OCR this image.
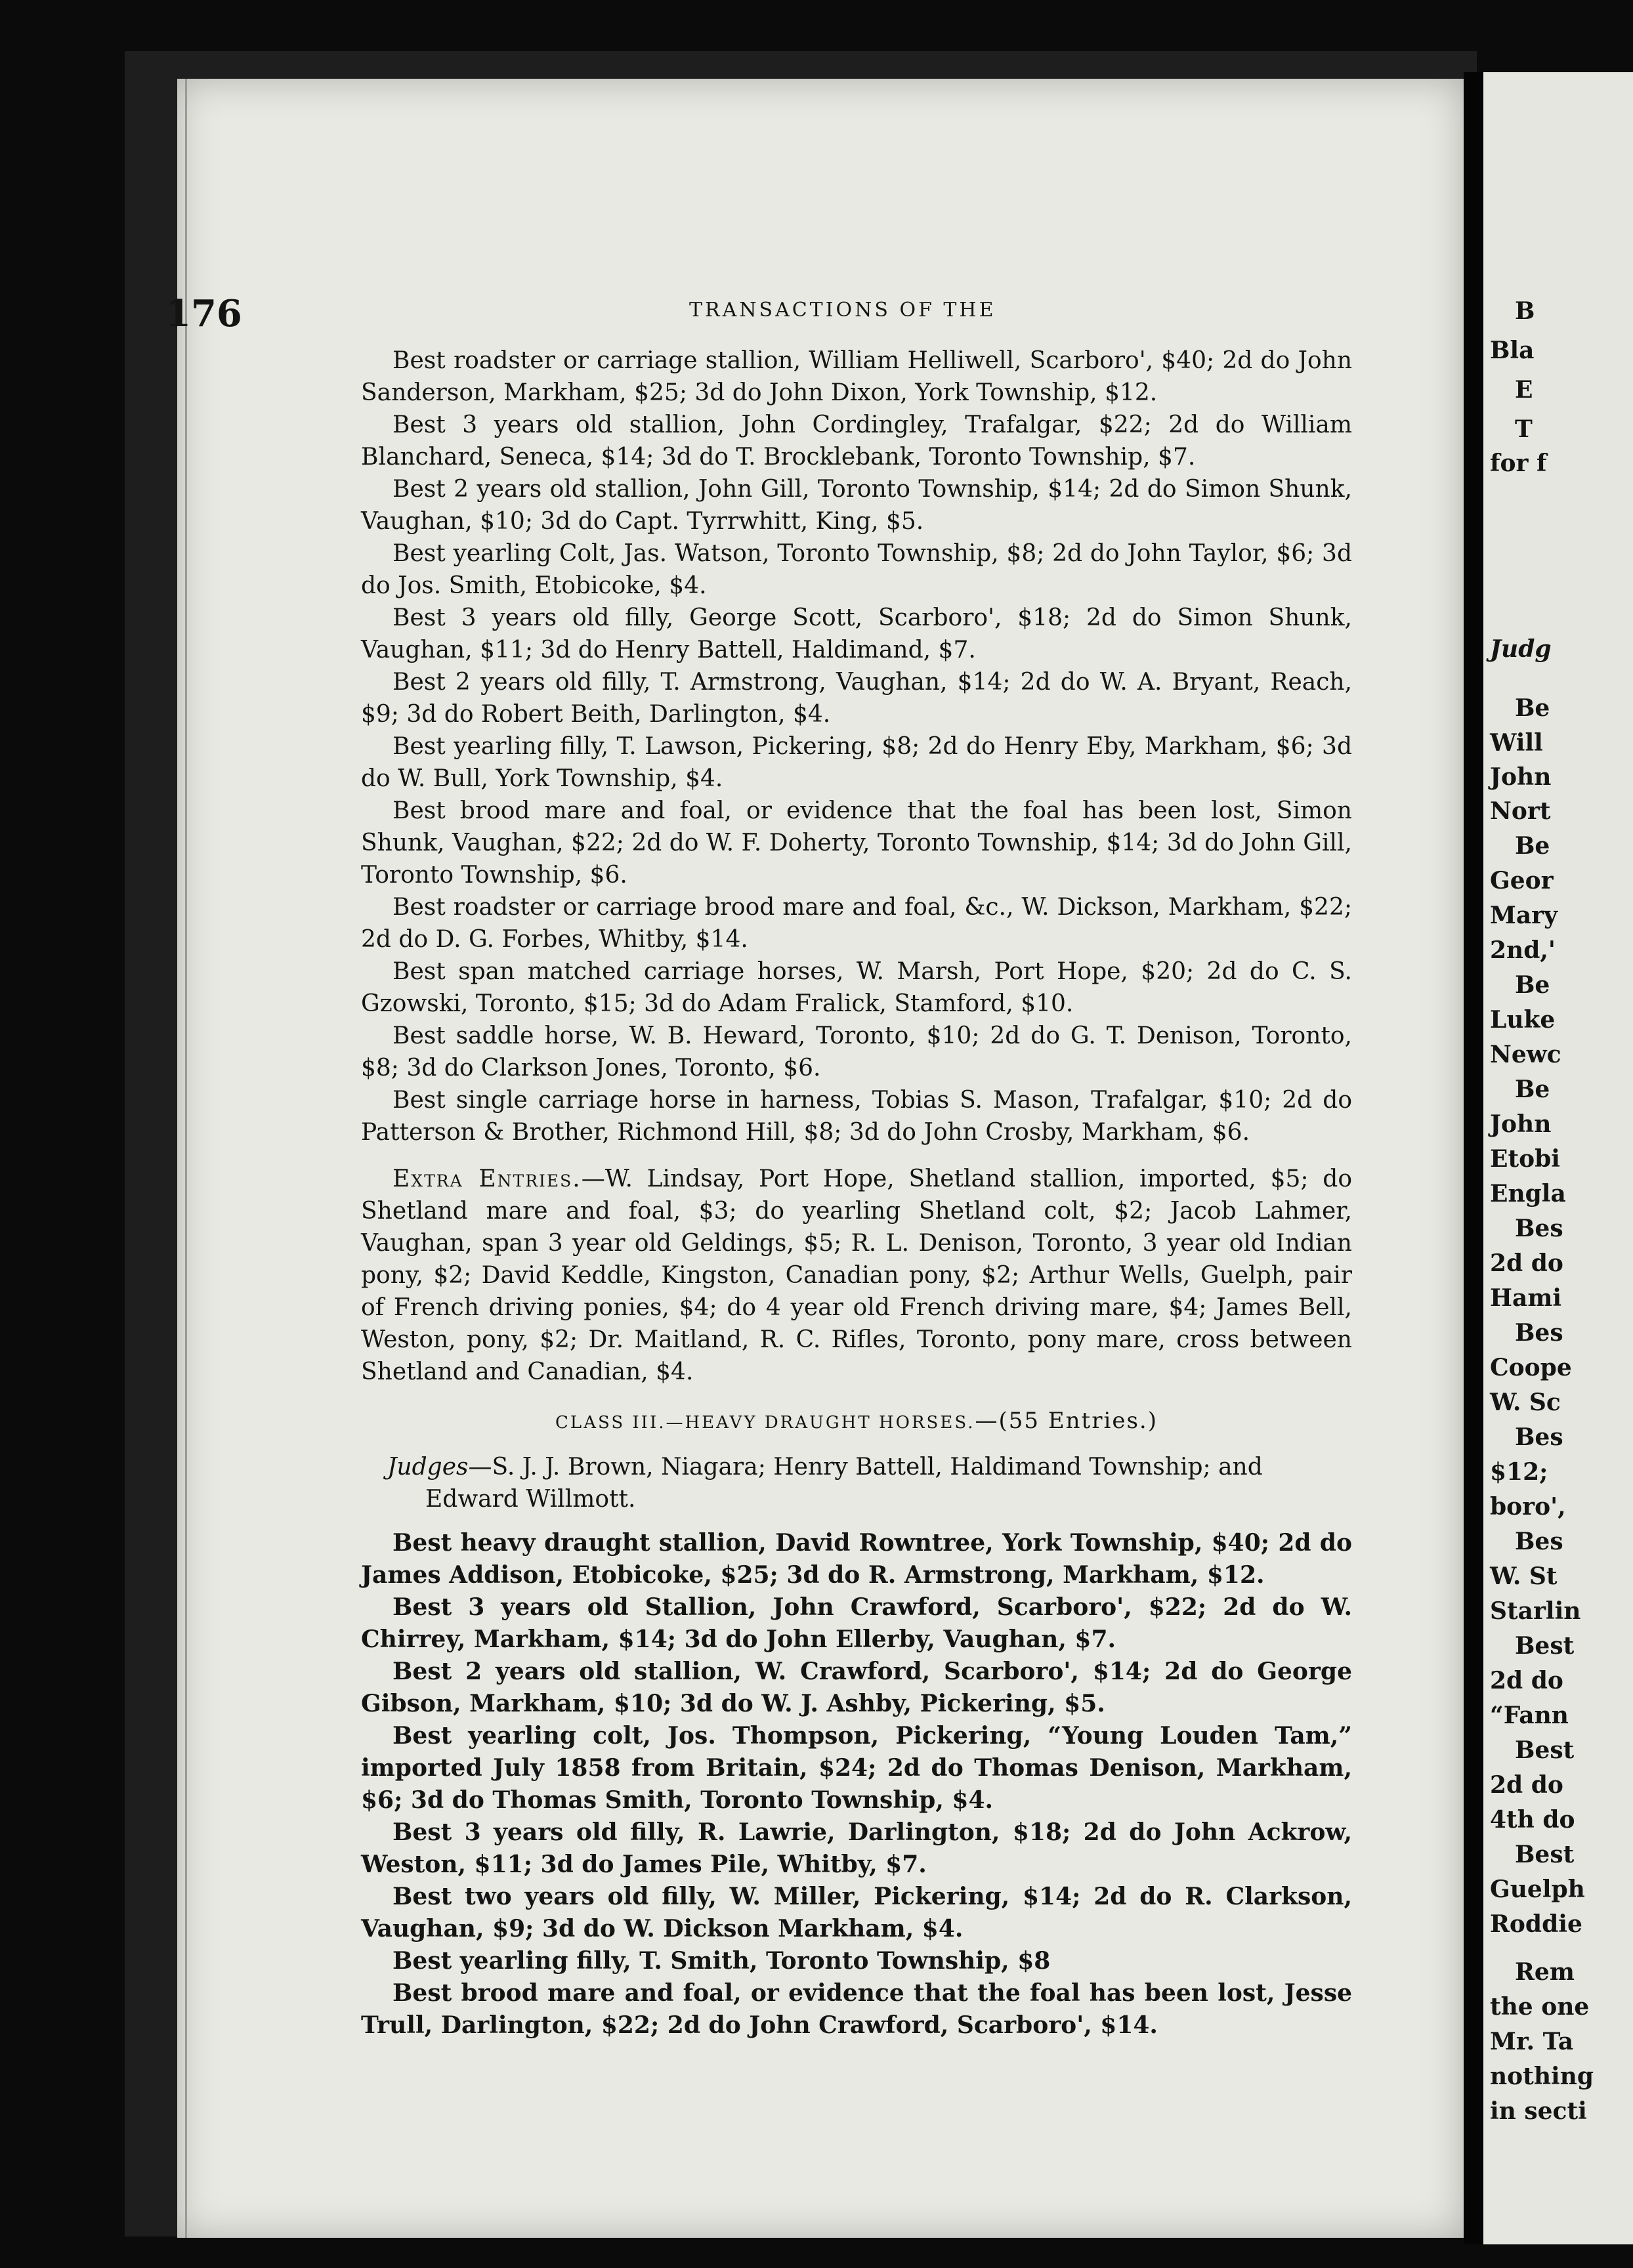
B
Bla
E
T
for f
Judg
Be
Will
John
Nort
Be
Geor
Mary
2nd,'
Be
Luke
Newc
Be
John
Etobi
Engla
Bes
2d do
Hami
Bes
Coope
W. Sc
Bes
$12;
boro',
Bes
W. St
Starlin
Best
2d do
“Fann
Best
2d do
4th do
Best
Guelph
Roddie
Rem
the one
Mr. Ta
nothing
in secti
176	TRANSACTIONS OF THE

Best roadster or carriage stallion, William Helliwell, Scarboro', $40; 2d do John Sanderson, Markham, $25; 3d do John Dixon, York Township, $12.

Best 3 years old stallion, John Cordingley, Trafalgar, $22; 2d do William Blanchard, Seneca, $14; 3d do T. Brocklebank, Toronto Township, $7.

Best 2 years old stallion, John Gill, Toronto Township, $14; 2d do Simon Shunk, Vaughan, $10; 3d do Capt. Tyrrwhitt, King, $5.

Best yearling Colt, Jas. Watson, Toronto Township, $8; 2d do John Taylor, $6; 3d do Jos. Smith, Etobicoke, $4.

Best 3 years old filly, George Scott, Scarboro', $18; 2d do Simon Shunk, Vaughan, $11; 3d do Henry Battell, Haldimand, $7.

Best 2 years old filly, T. Armstrong, Vaughan, $14; 2d do W. A. Bryant, Reach, $9; 3d do Robert Beith, Darlington, $4.

Best yearling filly, T. Lawson, Pickering, $8; 2d do Henry Eby, Markham, $6; 3d do W. Bull, York Township, $4.

Best brood mare and foal, or evidence that the foal has been lost, Simon Shunk, Vaughan, $22; 2d do W. F. Doherty, Toronto Township, $14; 3d do John Gill, Toronto Township, $6.

Best roadster or carriage brood mare and foal, &c., W. Dickson, Markham, $22; 2d do D. G. Forbes, Whitby, $14.

Best span matched carriage horses, W. Marsh, Port Hope, $20; 2d do C. S. Gzowski, Toronto, $15; 3d do Adam Fralick, Stamford, $10.

Best saddle horse, W. B. Heward, Toronto, $10; 2d do G. T. Denison, Toronto, $8; 3d do Clarkson Jones, Toronto, $6.

Best single carriage horse in harness, Tobias S. Mason, Trafalgar, $10; 2d do Patterson & Brother, Richmond Hill, $8; 3d do John Crosby, Markham, $6.

Extra Entries.—W. Lindsay, Port Hope, Shetland stallion, imported, $5; do Shetland mare and foal, $3; do yearling Shetland colt, $2; Jacob Lahmer, Vaughan, span 3 year old Geldings, $5; R. L. Denison, Toronto, 3 year old Indian pony, $2; David Keddle, Kingston, Canadian pony, $2; Arthur Wells, Guelph, pair of French driving ponies, $4; do 4 year old French driving mare, $4; James Bell, Weston, pony, $2; Dr. Maitland, R. C. Rifles, Toronto, pony mare, cross between Shetland and Canadian, $4.

CLASS III.—HEAVY DRAUGHT HORSES.—(55 Entries.)

Judges—S. J. J. Brown, Niagara; Henry Battell, Haldimand Township; and
Edward Willmott.

Best heavy draught stallion, David Rowntree, York Township, $40; 2d do James Addison, Etobicoke, $25; 3d do R. Armstrong, Markham, $12.

Best 3 years old Stallion, John Crawford, Scarboro', $22; 2d do W. Chirrey, Markham, $14; 3d do John Ellerby, Vaughan, $7.

Best 2 years old stallion, W. Crawford, Scarboro', $14; 2d do George Gibson, Markham, $10; 3d do W. J. Ashby, Pickering, $5.

Best yearling colt, Jos. Thompson, Pickering, “Young Louden Tam,” imported July 1858 from Britain, $24; 2d do Thomas Denison, Markham, $6; 3d do Thomas Smith, Toronto Township, $4.

Best 3 years old filly, R. Lawrie, Darlington, $18; 2d do John Ackrow, Weston, $11; 3d do James Pile, Whitby, $7.

Best two years old filly, W. Miller, Pickering, $14; 2d do R. Clarkson, Vaughan, $9; 3d do W. Dickson Markham, $4.

Best yearling filly, T. Smith, Toronto Township, $8

Best brood mare and foal, or evidence that the foal has been lost, Jesse Trull, Darlington, $22; 2d do John Crawford, Scarboro', $14.
